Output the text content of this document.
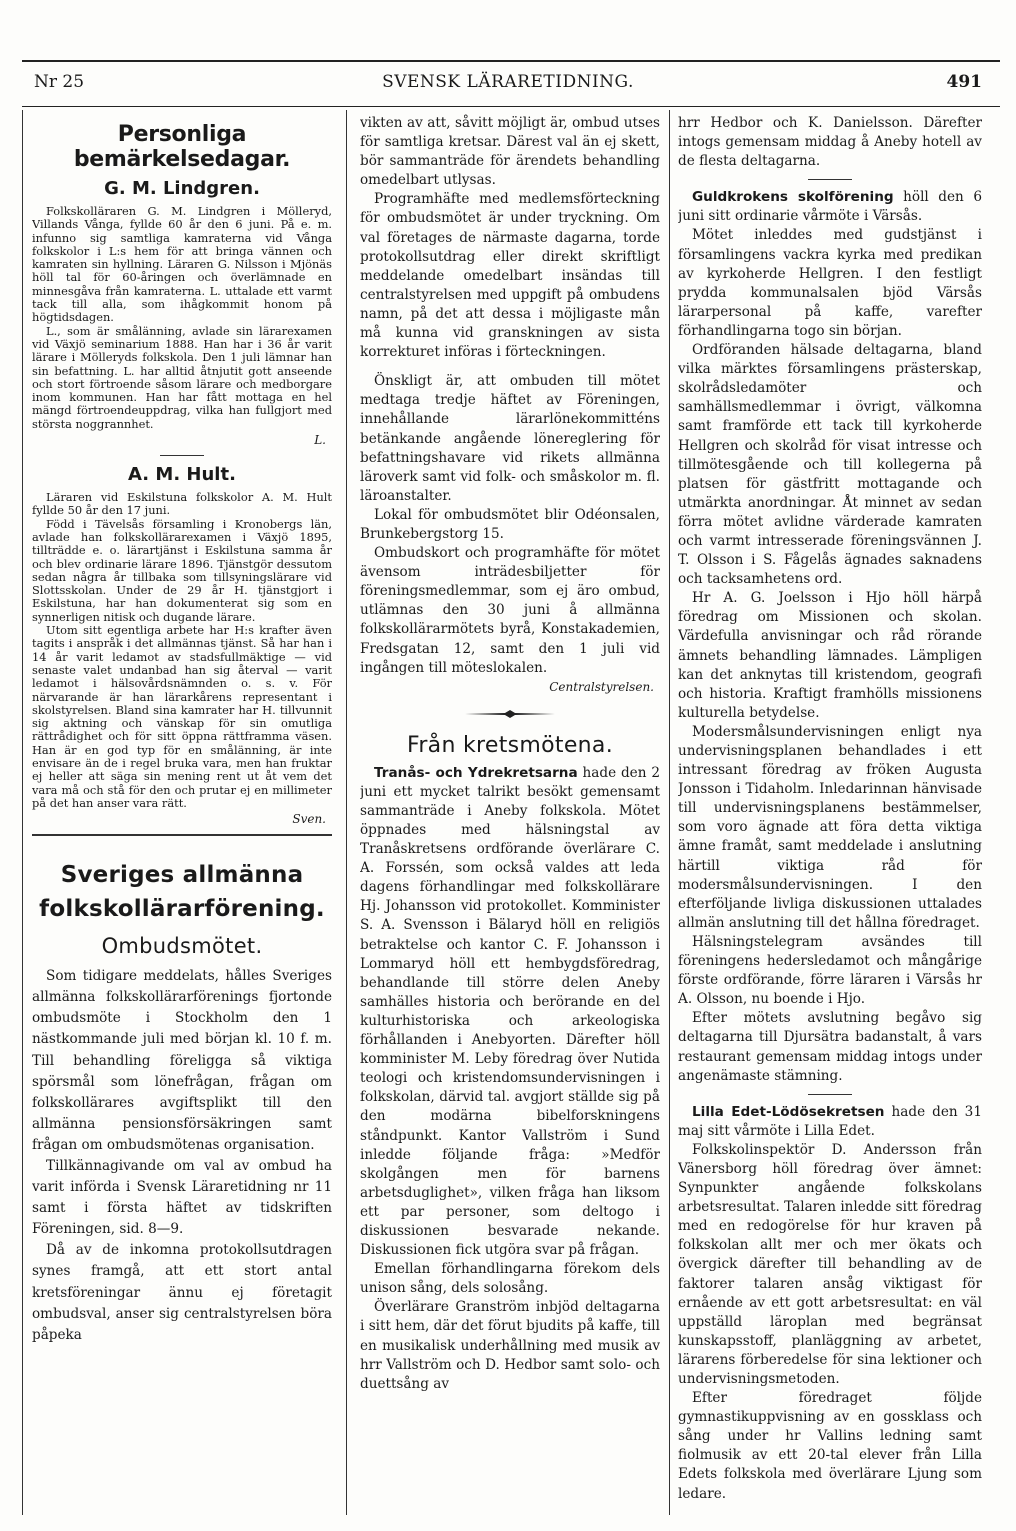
Nr 25	SVENSK LÄRARETIDNING.	491
Personliga bemärkelsedagar.
G. M. Lindgren.

Folkskolläraren G. M. Lindgren i Mölleryd, Villands Vånga, fyllde 60 år den 6 juni. På e. m. infunno sig samtliga kamraterna vid Vånga folkskolor i L:s hem för att bringa vännen och kamraten sin hyllning. Läraren G. Nilsson i Mjönäs höll tal för 60-åringen och överlämnade en minnesgåva från kamraterna. L. uttalade ett varmt tack till alla, som ihågkommit honom på högtidsdagen.

L., som är smålänning, avlade sin lärarexamen vid Växjö seminarium 1888. Han har i 36 år varit lärare i Mölleryds folkskola. Den 1 juli lämnar han sin befattning. L. har alltid åtnjutit gott anseende och stort förtroende såsom lärare och medborgare inom kommunen. Han har fått mottaga en hel mängd förtroendeuppdrag, vilka han fullgjort med största noggrannhet.

L.
A. M. Hult.

Läraren vid Eskilstuna folkskolor A. M. Hult fyllde 50 år den 17 juni.

Född i Tävelsås församling i Kronobergs län, avlade han folkskollärarexamen i Växjö 1895, tillträdde e. o. lärartjänst i Eskilstuna samma år och blev ordinarie lärare 1896. Tjänstgör dessutom sedan några år tillbaka som tillsyningslärare vid Slottsskolan. Under de 29 år H. tjänstgjort i Eskilstuna, har han dokumenterat sig som en synnerligen nitisk och dugande lärare.

Utom sitt egentliga arbete har H:s krafter även tagits i anspråk i det allmännas tjänst. Så har han i 14 år varit ledamot av stadsfullmäktige — vid senaste valet undanbad han sig återval — varit ledamot i hälsovårdsnämnden o. s. v. För närvarande är han lärarkårens representant i skolstyrelsen. Bland sina kamrater har H. tillvunnit sig aktning och vänskap för sin omutliga rättrådighet och för sitt öppna rättframma väsen. Han är en god typ för en smålänning, är inte envisare än de i regel bruka vara, men han fruktar ej heller att säga sin mening rent ut åt vem det vara må och stå för den och prutar ej en millimeter på det han anser vara rätt.

Sven.
Sveriges allmänna
folkskollärarförening.
Ombudsmötet.

Som tidigare meddelats, hålles Sveriges allmänna folkskollärarförenings fjortonde ombudsmöte i Stockholm den 1 nästkommande juli med början kl. 10 f. m. Till behandling föreligga så viktiga spörsmål som lönefrågan, frågan om folkskollärares avgiftsplikt till den allmänna pensionsförsäkringen samt frågan om ombudsmötenas organisation.

Tillkännagivande om val av ombud ha varit införda i Svensk Läraretidning nr 11 samt i första häftet av tidskriften Föreningen, sid. 8—9.

Då av de inkomna protokollsutdragen synes framgå, att ett stort antal kretsföreningar ännu ej företagit ombudsval, anser sig centralstyrelsen böra påpeka

vikten av att, såvitt möjligt är, ombud utses för samtliga kretsar. Därest val än ej skett, bör sammanträde för ärendets behandling omedelbart utlysas.

Programhäfte med medlemsförteckning för ombudsmötet är under tryckning. Om val företages de närmaste dagarna, torde protokollsutdrag eller direkt skriftligt meddelande omedelbart insändas till centralstyrelsen med uppgift på ombudens namn, på det att dessa i möjligaste mån må kunna vid granskningen av sista korrekturet införas i förteckningen.

Önskligt är, att ombuden till mötet medtaga tredje häftet av Föreningen, innehållande lärarlönekommitténs betänkande angående lönereglering för befattningshavare vid rikets allmänna läroverk samt vid folk- och småskolor m. fl. läroanstalter.

Lokal för ombudsmötet blir Odéonsalen, Brunkebergstorg 15.

Ombudskort och programhäfte för mötet ävensom inträdesbiljetter för föreningsmedlemmar, som ej äro ombud, utlämnas den 30 juni å allmänna folkskollärarmötets byrå, Konstakademien, Fredsgatan 12, samt den 1 juli vid ingången till möteslokalen.

Centralstyrelsen.
Från kretsmötena.

Tranås- och Ydrekretsarna hade den 2 juni ett mycket talrikt besökt gemensamt sammanträde i Aneby folkskola. Mötet öppnades med hälsningstal av Tranåskretsens ordförande överlärare C. A. Forssén, som också valdes att leda dagens förhandlingar med folkskollärare Hj. Johansson vid protokollet. Komminister S. A. Svensson i Bälaryd höll en religiös betraktelse och kantor C. F. Johansson i Lommaryd höll ett hembygdsföredrag, behandlande till större delen Aneby samhälles historia och berörande en del kulturhistoriska och arkeologiska förhållanden i Anebyorten. Därefter höll komminister M. Leby föredrag över Nutida teologi och kristendomsundervisningen i folkskolan, därvid tal. avgjort ställde sig på den modärna bibelforskningens ståndpunkt. Kantor Vallström i Sund inledde följande fråga: »Medför skolgången men för barnens arbetsduglighet», vilken fråga han liksom ett par personer, som deltogo i diskussionen besvarade nekande. Diskussionen fick utgöra svar på frågan.

Emellan förhandlingarna förekom dels unison sång, dels solosång.

Överlärare Granström inbjöd deltagarna i sitt hem, där det förut bjudits på kaffe, till en musikalisk underhållning med musik av hrr Vallström och D. Hedbor samt solo- och duettsång av

hrr Hedbor och K. Danielsson. Därefter intogs gemensam middag å Aneby hotell av de flesta deltagarna.

Guldkrokens skolförening höll den 6 juni sitt ordinarie vårmöte i Värsås.

Mötet inleddes med gudstjänst i församlingens vackra kyrka med predikan av kyrkoherde Hellgren. I den festligt prydda kommunalsalen bjöd Värsås lärarpersonal på kaffe, varefter förhandlingarna togo sin början.

Ordföranden hälsade deltagarna, bland vilka märktes församlingens prästerskap, skolrådsledamöter och samhällsmedlemmar i övrigt, välkomna samt framförde ett tack till kyrkoherde Hellgren och skolråd för visat intresse och tillmötesgående och till kollegerna på platsen för gästfritt mottagande och utmärkta anordningar. Åt minnet av sedan förra mötet avlidne värderade kamraten och varmt intresserade föreningsvännen J. T. Olsson i S. Fågelås ägnades saknadens och tacksamhetens ord.

Hr A. G. Joelsson i Hjo höll härpå föredrag om Missionen och skolan. Värdefulla anvisningar och råd rörande ämnets behandling lämnades. Lämpligen kan det anknytas till kristendom, geografi och historia. Kraftigt framhölls missionens kulturella betydelse.

Modersmålsundervisningen enligt nya undervisningsplanen behandlades i ett intressant föredrag av fröken Augusta Jonsson i Tidaholm. Inledarinnan hänvisade till undervisningsplanens bestämmelser, som voro ägnade att föra detta viktiga ämne framåt, samt meddelade i anslutning härtill viktiga råd för modersmålsundervisningen. I den efterföljande livliga diskussionen uttalades allmän anslutning till det hållna föredraget.

Hälsningstelegram avsändes till föreningens hedersledamot och mångårige förste ordförande, förre läraren i Värsås hr A. Olsson, nu boende i Hjo.

Efter mötets avslutning begåvo sig deltagarna till Djursätra badanstalt, å vars restaurant gemensam middag intogs under angenämaste stämning.

Lilla Edet-Lödösekretsen hade den 31 maj sitt vårmöte i Lilla Edet.

Folkskolinspektör D. Andersson från Vänersborg höll föredrag över ämnet: Synpunkter angående folkskolans arbetsresultat. Talaren inledde sitt föredrag med en redogörelse för hur kraven på folkskolan allt mer och mer ökats och övergick därefter till behandling av de faktorer talaren ansåg viktigast för ernående av ett gott arbetsresultat: en väl uppställd läroplan med begränsat kunskapsstoff, planläggning av arbetet, lärarens förberedelse för sina lektioner och undervisningsmetoden.

Efter föredraget följde gymnastikuppvisning av en gossklass och sång under hr Vallins ledning samt fiolmusik av ett 20-tal elever från Lilla Edets folkskola med överlärare Ljung som ledare.
